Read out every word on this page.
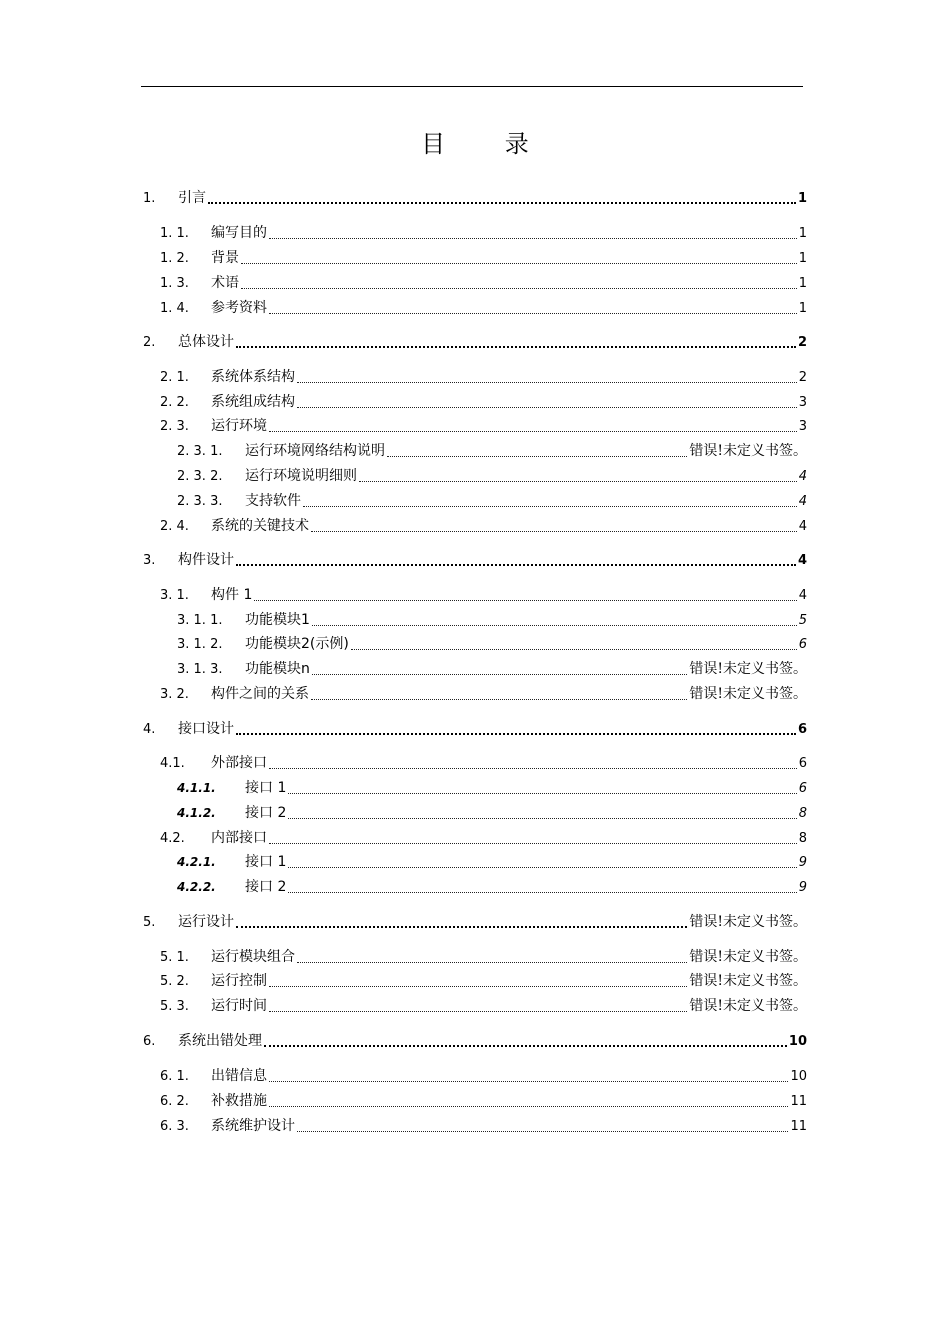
目 录
1.	引言	1
1. 1.	编写目的	1
1. 2.	背景	1
1. 3.	术语	1
1. 4.	参考资料	1
2.	总体设计	2
2. 1.	系统体系结构	2
2. 2.	系统组成结构	3
2. 3.	运行环境	3
2. 3. 1.	运行环境网络结构说明	错误!未定义书签。
2. 3. 2.	运行环境说明细则	4
2. 3. 3.	支持软件	4
2. 4.	系统的关键技术	4
3.	构件设计	4
3. 1.	构件 1	4
3. 1. 1.	功能模块1	5
3. 1. 2.	功能模块2(示例)	6
3. 1. 3.	功能模块n	错误!未定义书签。
3. 2.	构件之间的关系	错误!未定义书签。
4.	接口设计	6
4.1.	外部接口	6
4.1.1.	接口 1	6
4.1.2.	接口 2	8
4.2.	内部接口	8
4.2.1.	接口 1	9
4.2.2.	接口 2	9
5.	运行设计	错误!未定义书签。
5. 1.	运行模块组合	错误!未定义书签。
5. 2.	运行控制	错误!未定义书签。
5. 3.	运行时间	错误!未定义书签。
6.	系统出错处理	10
6. 1.	出错信息	10
6. 2.	补救措施	11
6. 3.	系统维护设计	11
